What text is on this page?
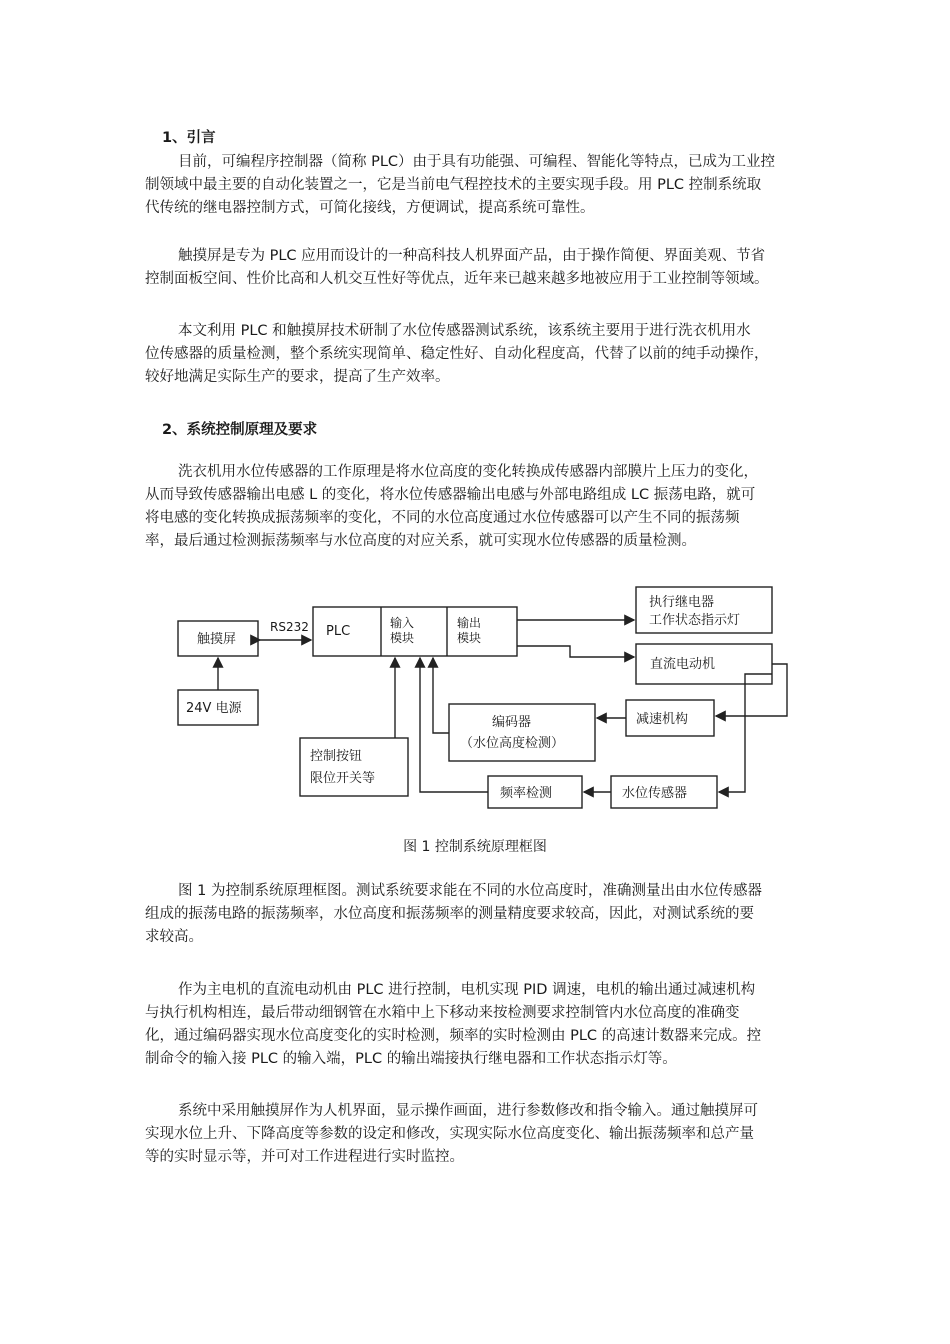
1、引言
目前，可编程序控制器（简称 PLC）由于具有功能强、可编程、智能化等特点，已成为工业控
制领域中最主要的自动化装置之一，它是当前电气程控技术的主要实现手段。用 PLC 控制系统取
代传统的继电器控制方式，可简化接线，方便调试，提高系统可靠性。
触摸屏是专为 PLC 应用而设计的一种高科技人机界面产品，由于操作简便、界面美观、节省
控制面板空间、性价比高和人机交互性好等优点，近年来已越来越多地被应用于工业控制等领域。
本文利用 PLC 和触摸屏技术研制了水位传感器测试系统，该系统主要用于进行洗衣机用水
位传感器的质量检测，整个系统实现简单、稳定性好、自动化程度高，代替了以前的纯手动操作，
较好地满足实际生产的要求，提高了生产效率。
2、系统控制原理及要求
洗衣机用水位传感器的工作原理是将水位高度的变化转换成传感器内部膜片上压力的变化，
从而导致传感器输出电感 L 的变化，将水位传感器输出电感与外部电路组成 LC 振荡电路，就可
将电感的变化转换成振荡频率的变化，不同的水位高度通过水位传感器可以产生不同的振荡频
率，最后通过检测振荡频率与水位高度的对应关系，就可实现水位传感器的质量检测。
触摸屏
RS232 PLC
输入
模块
输出
模块
24V 电源
执行继电器
工作状态指示灯
直流电动机
减速机构
编码器
（水位高度检测）
控制按钮
限位开关等
频率检测	水位传感器
图 1 控制系统原理框图
图 1 为控制系统原理框图。测试系统要求能在不同的水位高度时，准确测量出由水位传感器
组成的振荡电路的振荡频率，水位高度和振荡频率的测量精度要求较高，因此，对测试系统的要
求较高。
作为主电机的直流电动机由 PLC 进行控制，电机实现 PID 调速，电机的输出通过减速机构
与执行机构相连，最后带动细钢管在水箱中上下移动来按检测要求控制管内水位高度的准确变
化，通过编码器实现水位高度变化的实时检测，频率的实时检测由 PLC 的高速计数器来完成。控
制命令的输入接 PLC 的输入端，PLC 的输出端接执行继电器和工作状态指示灯等。
系统中采用触摸屏作为人机界面，显示操作画面，进行参数修改和指令输入。通过触摸屏可
实现水位上升、下降高度等参数的设定和修改，实现实际水位高度变化、输出振荡频率和总产量
等的实时显示等，并可对工作进程进行实时监控。
